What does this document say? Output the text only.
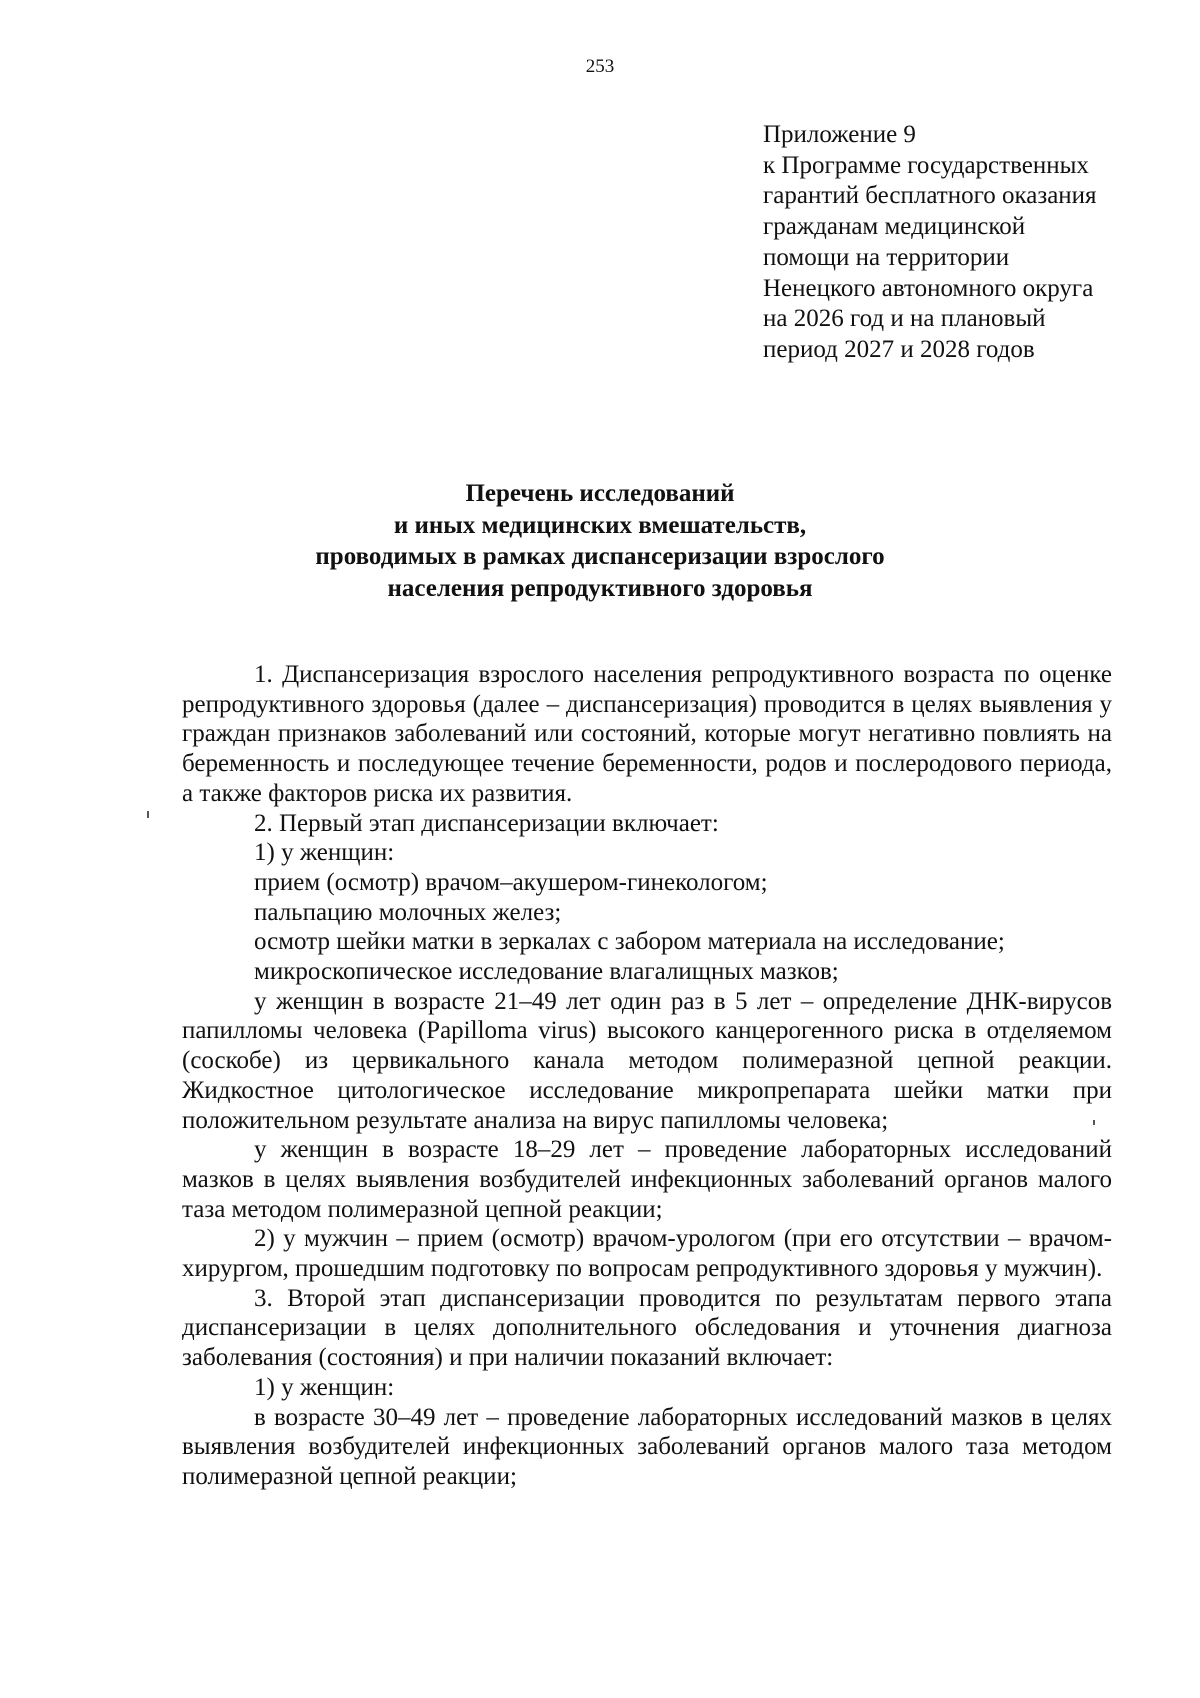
253
Приложение 9
к Программе государственных
гарантий бесплатного оказания
гражданам медицинской
помощи на территории
Ненецкого автономного округа
на 2026 год и на плановый
период 2027 и 2028 годов
Перечень исследований
и иных медицинских вмешательств,
проводимых в рамках диспансеризации взрослого
населения репродуктивного здоровья

1. Диспансеризация взрослого населения репродуктивного возраста по оценке репродуктивного здоровья (далее – диспансеризация) проводится в целях выявления у граждан признаков заболеваний или состояний, которые могут негативно повлиять на беременность и последующее течение беременности, родов и послеродового периода, а также факторов риска их развития.

2. Первый этап диспансеризации включает:

1) у женщин:

прием (осмотр) врачом–акушером-гинекологом;

пальпацию молочных желез;

осмотр шейки матки в зеркалах с забором материала на исследование;

микроскопическое исследование влагалищных мазков;

у женщин в возрасте 21–49 лет один раз в 5 лет – определение ДНК-вирусов папилломы человека (Papilloma virus) высокого канцерогенного риска в отделяемом (соскобе) из цервикального канала методом полимеразной цепной реакции. Жидкостное цитологическое исследование микропрепарата шейки матки при положительном результате анализа на вирус папилломы человека;

у женщин в возрасте 18–29 лет – проведение лабораторных исследований мазков в целях выявления возбудителей инфекционных заболеваний органов малого таза методом полимеразной цепной реакции;

2) у мужчин – прием (осмотр) врачом-урологом (при его отсутствии – врачом-хирургом, прошедшим подготовку по вопросам репродуктивного здоровья у мужчин).

3. Второй этап диспансеризации проводится по результатам первого этапа диспансеризации в целях дополнительного обследования и уточнения диагноза заболевания (состояния) и при наличии показаний включает:

1) у женщин:

в возрасте 30–49 лет – проведение лабораторных исследований мазков в целях выявления возбудителей инфекционных заболеваний органов малого таза методом полимеразной цепной реакции;
